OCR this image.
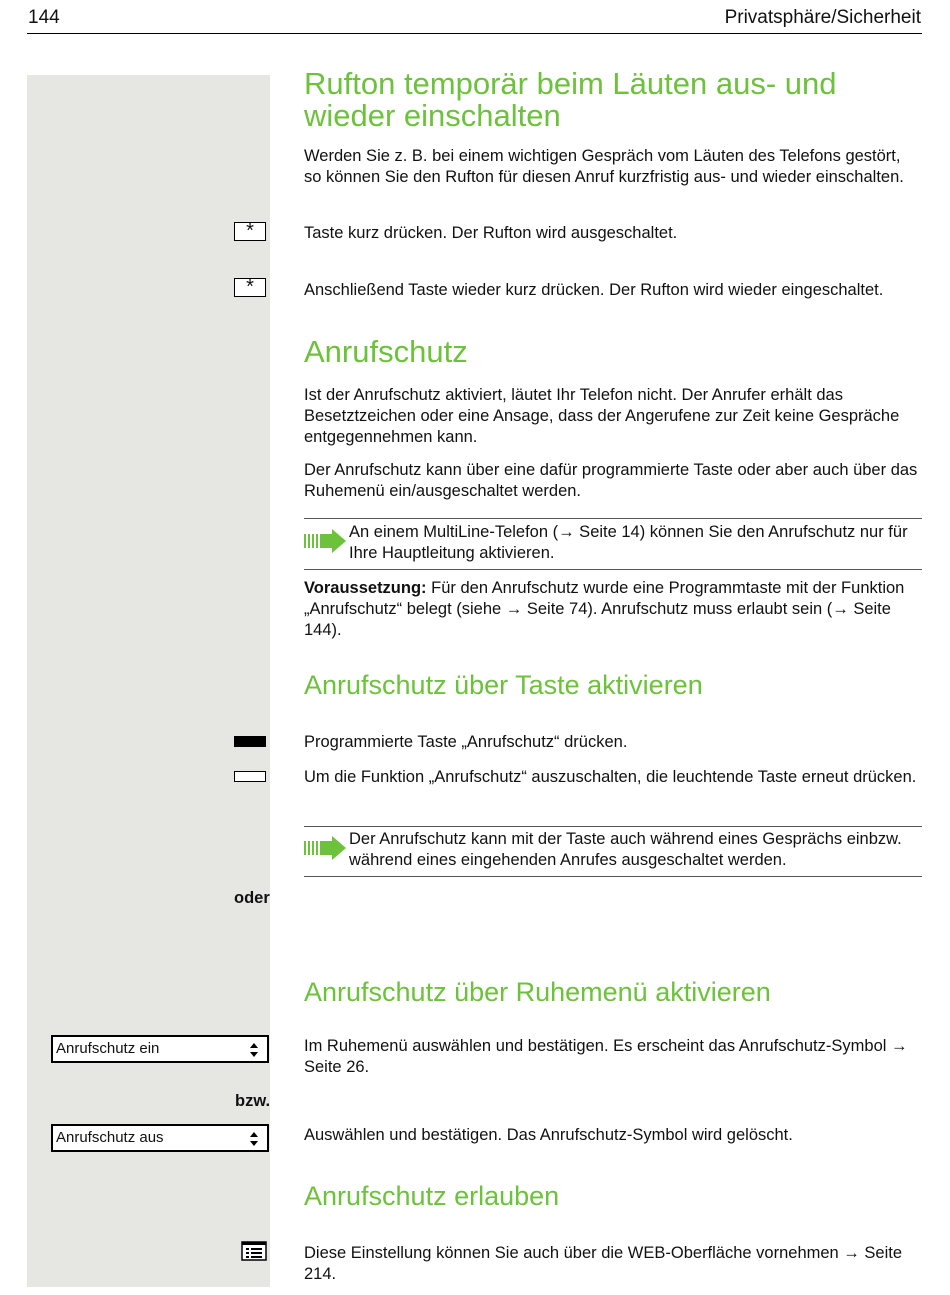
144	Privatsphäre/Sicherheit
Rufton temporär beim Läuten aus- und wieder einschalten

Werden Sie z. B. bei einem wichtigen Gespräch vom Läuten des Telefons gestört, so können Sie den Rufton für diesen Anruf kurzfristig aus- und wieder einschalten.

*	Taste kurz drücken. Der Rufton wird ausgeschaltet.

*	Anschließend Taste wieder kurz drücken. Der Rufton wird wieder eingeschaltet.

Anrufschutz

Ist der Anrufschutz aktiviert, läutet Ihr Telefon nicht. Der Anrufer erhält das Besetztzeichen oder eine Ansage, dass der Angerufene zur Zeit keine Gespräche entgegennehmen kann.

Der Anrufschutz kann über eine dafür programmierte Taste oder aber auch über das Ruhemenü ein/ausgeschaltet werden.

An einem MultiLine-Telefon (→ Seite 14) können Sie den Anrufschutz nur für Ihre Hauptleitung aktivieren.

Voraussetzung: Für den Anrufschutz wurde eine Programmtaste mit der Funktion „Anrufschutz“ belegt (siehe → Seite 74). Anrufschutz muss erlaubt sein (→ Seite 144).

Anrufschutz über Taste aktivieren

Programmierte Taste „Anrufschutz“ drücken.

Um die Funktion „Anrufschutz“ auszuschalten, die leuchtende Taste erneut drücken.

Der Anrufschutz kann mit der Taste auch während eines Gesprächs einbzw. während eines eingehenden Anrufes ausgeschaltet werden.

oder
Anrufschutz über Ruhemenü aktivieren
Anrufschutz ein	Im Ruhemenü auswählen und bestätigen. Es erscheint das Anrufschutz-Symbol → Seite 26.

bzw.
Anrufschutz aus	Auswählen und bestätigen. Das Anrufschutz-Symbol wird gelöscht.

Anrufschutz erlauben

Diese Einstellung können Sie auch über die WEB-Oberfläche vornehmen → Seite 214.
